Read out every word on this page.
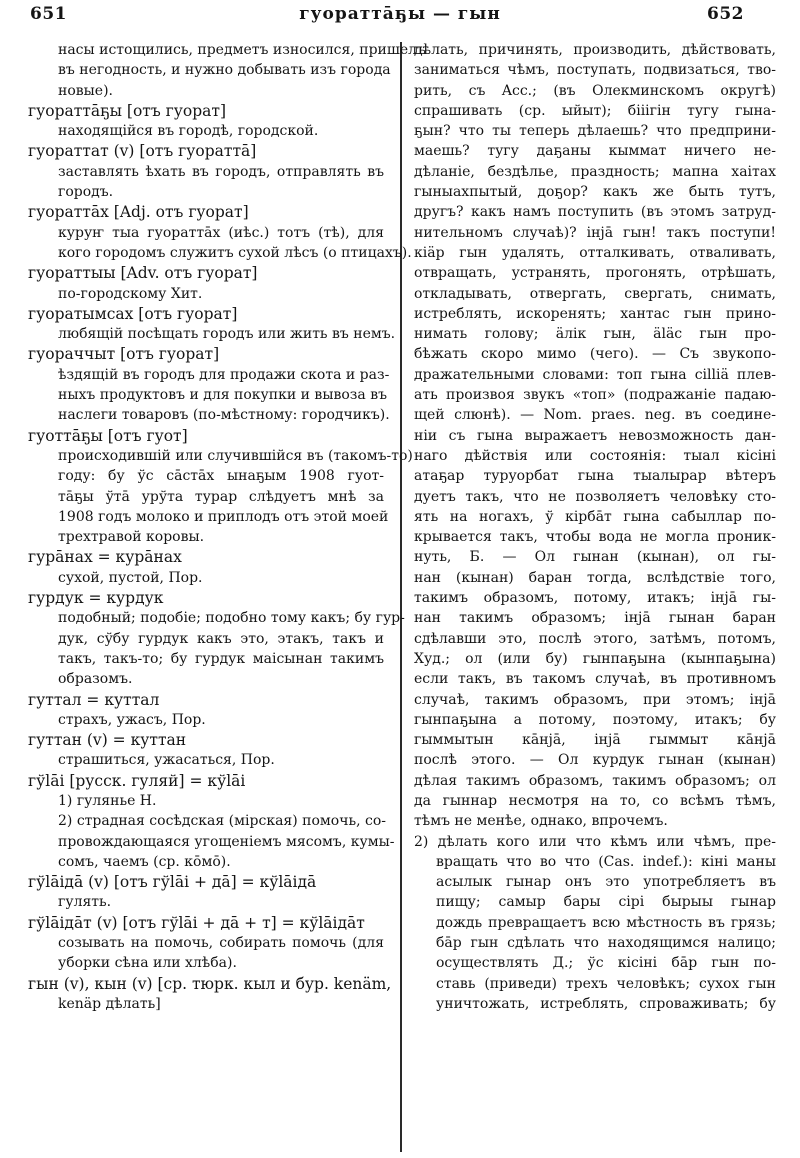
651	гуораттāҕы — гын	652
насы истощились, предметъ износился, пришелъ
въ негодность, и нужно добывать изъ города
новые).
гуораттāҕы [отъ гуорат]
находящійся въ городѣ, городской.
гуораттат (v) [отъ гуораттā]
заставлять ѣхать въ городъ, отправлять въ
городъ.
гуораттāх [Adj. отъ гуорат]
куруҥ тыа гуораттāх (иѣс.) тотъ (тѣ), для
кого городомъ служитъ сухой лѣсъ (о птицахъ).
гуораттыы [Adv. отъ гуорат]
по-городскому Хит.
гуоратымсах [отъ гуорат]
любящій посѣщать городъ или жить въ немъ.
гуораччыт [отъ гуорат]
ѣздящій въ городъ для продажи скота и раз-
ныхъ продуктовъ и для покупки и вывоза въ
наслеги товаровъ (по-мѣстному: городчикъ).
гуоттāҕы [отъ гуот]
происходившій или случившійся въ (такомъ-то)
году: бу ўс сāстāх ынаҕым 1908 гуот-
тāҕы ўтā урўта турар слѣдуетъ мнѣ за
1908 годъ молоко и приплодъ отъ этой моей
трехтравой коровы.
гурāнах = курāнах
сухой, пустой, Пор.
гурдук = курдук
подобный; подобіе; подобно тому какъ; бу гур-
дук, сўбу гурдук какъ это, этакъ, такъ и
такъ, такъ-то; бу гурдук маісынан такимъ
образомъ.
гуттал = куттал
страхъ, ужасъ, Пор.
гуттан (v) = куттан
страшиться, ужасаться, Пор.
гўlāі [русск. гуляй] = кўlāі
1) гулянье Н.
2) страдная сосѣдская (мірская) помочь, со-
провождающаяся угощеніемъ мясомъ, кумы-
сомъ, чаемъ (ср. кōмō).
гўlāідā (v) [отъ гўlāі + дā] = кўlāідā
гулять.
гўlāідāт (v) [отъ гўlāі + дā + т] = кўlāідāт
созывать на помочь, собирать помочь (для
уборки сѣна или хлѣба).
гын (v), кын (v) [ср. тюрк. кыл и бур. kenäm,
kenäр дѣлать]
дѣлать, причинять, производить, дѣйствовать,
заниматься чѣмъ, поступать, подвизаться, тво-
рить, съ Acc.; (въ Олекминскомъ округѣ)
спрашивать (ср. ыйыт); бііігін тугу гына-
ҕын? что ты теперь дѣлаешь? что предприни-
маешь? тугу даҕаны кыммат ничего не-
дѣланіе, бездѣлье, праздность; мапна хаітах
гыныахпытый, доҕор? какъ же быть тутъ,
другъ? какъ намъ поступить (въ этомъ затруд-
нительномъ случаѣ)? інjā гын! такъ поступи!
кіäр гын удалять, отталкивать, отваливать,
отвращать, устранять, прогонять, отрѣшать,
откладывать, отвергать, свергать, снимать,
истреблять, искоренять; хантас гын прино-
нимать голову; äлік гын, äläс гын про-
бѣжать скоро мимо (чего). — Съ звукопо-
дражательными словами: топ гына сіlliä плев-
ать произвоя звукъ «топ» (подражаніе падаю-
щей слюнѣ). — Nom. praes. neg. въ соедине-
ніи съ гына выражаетъ невозможность дан-
наго дѣйствія или состоянія: тыал кісіні
атаҕар туруорбат гына тыалырар вѣтеръ
дуетъ такъ, что не позволяетъ человѣку сто-
ять на ногахъ, ў кірбāт гына сабыллар по-
крывается такъ, чтобы вода не могла проник-
нуть, Б. — Ол гынан (кынан), ол гы-
нан (кынан) баран тогда, вслѣдствіе того,
такимъ образомъ, потому, итакъ; інjā гы-
нан такимъ образомъ; інjā гынан баран
сдѣлавши это, послѣ этого, затѣмъ, потомъ,
Худ.; ол (или бу) гынпаҕына (кынпаҕына)
если такъ, въ такомъ случаѣ, въ противномъ
случаѣ, такимъ образомъ, при этомъ; інjā
гынпаҕына а потому, поэтому, итакъ; бу
гыммытын кāнjā, інjā гыммыт кāнjā
послѣ этого. — Ол курдук гынан (кынан)
дѣлая такимъ образомъ, такимъ образомъ; ол
да гыннар несмотря на то, со всѣмъ тѣмъ,
тѣмъ не менѣе, однако, впрочемъ.
2) дѣлать кого или что кѣмъ или чѣмъ, пре-
вращать что во что (Cas. indef.): кіні маны
асылык гынар онъ это употребляетъ въ
пищу; самыр бары сірі бырыы гынар
дождь превращаетъ всю мѣстность въ грязь;
бāр гын сдѣлать что находящимся налицо;
осуществлять Д.; ўс кісіні бāр гын по-
ставь (приведи) трехъ человѣкъ; сухох гын
уничтожать, истреблять, спроваживать; бу
